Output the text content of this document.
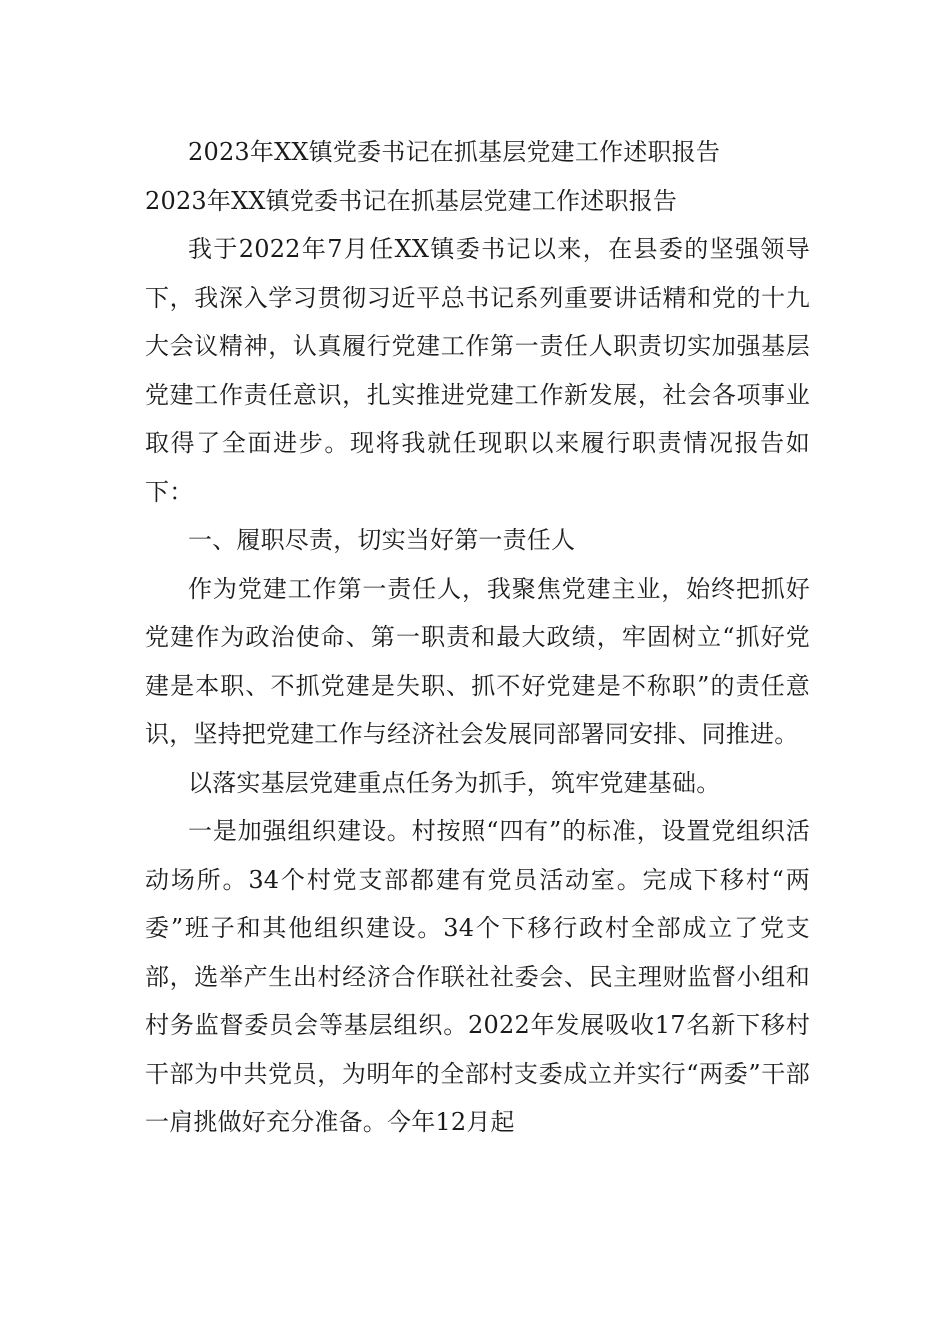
2023年XX镇党委书记在抓基层党建工作述职报告

2023年XX镇党委书记在抓基层党建工作述职报告

我于2022年7月任XX镇委书记以来，在县委的坚强领导下，我深入学习贯彻习近平总书记系列重要讲话精和党的十九大会议精神，认真履行党建工作第一责任人职责切实加强基层党建工作责任意识，扎实推进党建工作新发展，社会各项事业取得了全面进步。现将我就任现职以来履行职责情况报告如下：

一、履职尽责，切实当好第一责任人

作为党建工作第一责任人，我聚焦党建主业，始终把抓好党建作为政治使命、第一职责和最大政绩，牢固树立“抓好党建是本职、不抓党建是失职、抓不好党建是不称职”的责任意识，坚持把党建工作与经济社会发展同部署同安排、同推进。

以落实基层党建重点任务为抓手，筑牢党建基础。

一是加强组织建设。村按照“四有”的标准，设置党组织活动场所。34个村党支部都建有党员活动室。完成下移村“两委”班子和其他组织建设。34个下移行政村全部成立了党支部，选举产生出村经济合作联社社委会、民主理财监督小组和村务监督委员会等基层组织。2022年发展吸收17名新下移村干部为中共党员，为明年的全部村支委成立并实行“两委”干部一肩挑做好充分准备。今年12月起
